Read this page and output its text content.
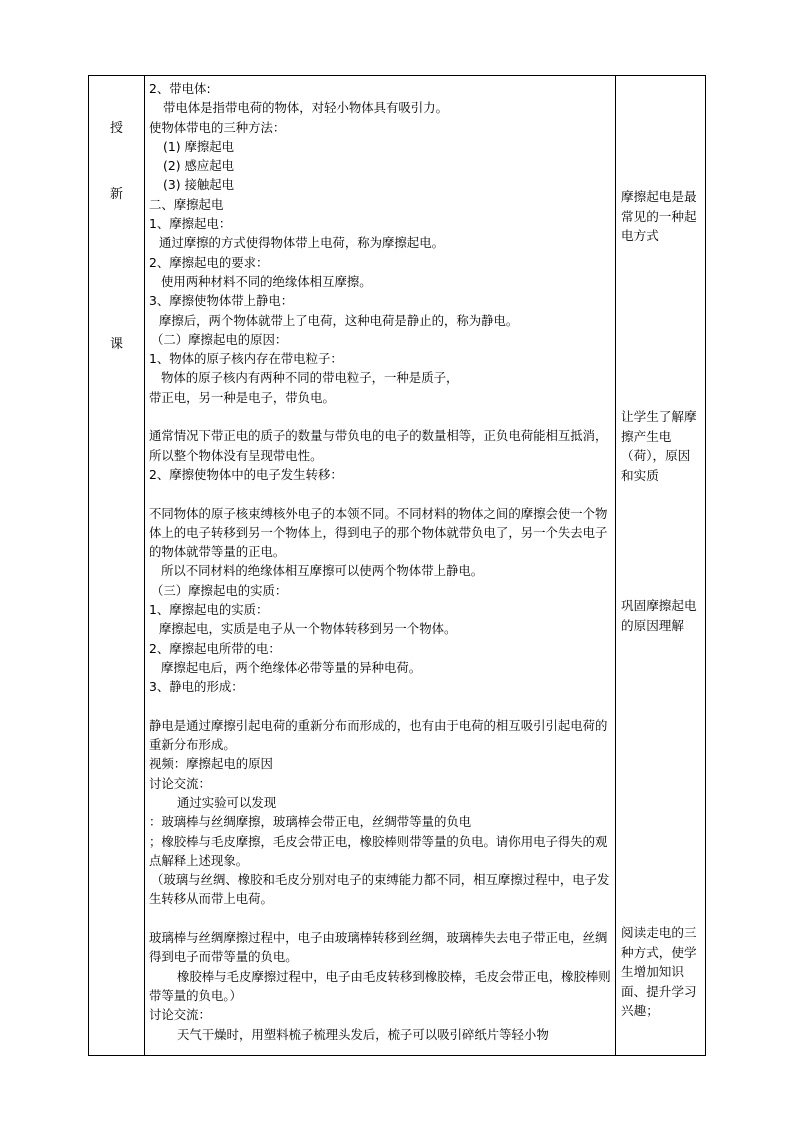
授
新
课
2、带电体:
带电体是指带电荷的物体，对轻小物体具有吸引力。
使物体带电的三种方法：
(1) 摩擦起电
(2) 感应起电
(3) 接触起电
二、摩擦起电
1、摩擦起电：
通过摩擦的方式使得物体带上电荷，称为摩擦起电。
2、摩擦起电的要求：
使用两种材料不同的绝缘体相互摩擦。
3、摩擦使物体带上静电：
摩擦后，两个物体就带上了电荷，这种电荷是静止的，称为静电。
（二）摩擦起电的原因：
1、物体的原子核内存在带电粒子：
物体的原子核内有两种不同的带电粒子，一种是质子，
带正电，另一种是电子，带负电。
通常情况下带正电的质子的数量与带负电的电子的数量相等，正负电荷能相互抵消，所以整个物体没有呈现带电性。
2、摩擦使物体中的电子发生转移：
不同物体的原子核束缚核外电子的本领不同。不同材料的物体之间的摩擦会使一个物体上的电子转移到另一个物体上，得到电子的那个物体就带负电了，另一个失去电子的物体就带等量的正电。
所以不同材料的绝缘体相互摩擦可以使两个物体带上静电。
（三）摩擦起电的实质：
1、摩擦起电的实质：
摩擦起电，实质是电子从一个物体转移到另一个物体。
2、摩擦起电所带的电：
摩擦起电后，两个绝缘体必带等量的异种电荷。
3、静电的形成：
静电是通过摩擦引起电荷的重新分布而形成的，也有由于电荷的相互吸引引起电荷的重新分布形成。
视频：摩擦起电的原因
讨论交流：
通过实验可以发现
：玻璃棒与丝绸摩擦，玻璃棒会带正电，丝绸带等量的负电
；橡胶棒与毛皮摩擦，毛皮会带正电，橡胶棒则带等量的负电。请你用电子得失的观点解释上述现象。
（玻璃与丝绸、橡胶和毛皮分别对电子的束缚能力都不同，相互摩擦过程中，电子发生转移从而带上电荷。
玻璃棒与丝绸摩擦过程中，电子由玻璃棒转移到丝绸，玻璃棒失去电子带正电，丝绸得到电子而带等量的负电。
橡胶棒与毛皮摩擦过程中，电子由毛皮转移到橡胶棒，毛皮会带正电，橡胶棒则带等量的负电。）
讨论交流：
天气干燥时，用塑料梳子梳理头发后，梳子可以吸引碎纸片等轻小物
摩擦起电是最常见的一种起电方式
让学生了解摩擦产生电（荷），原因和实质
巩固摩擦起电的原因理解
阅读走电的三种方式，使学生增加知识面、提升学习兴趣；
